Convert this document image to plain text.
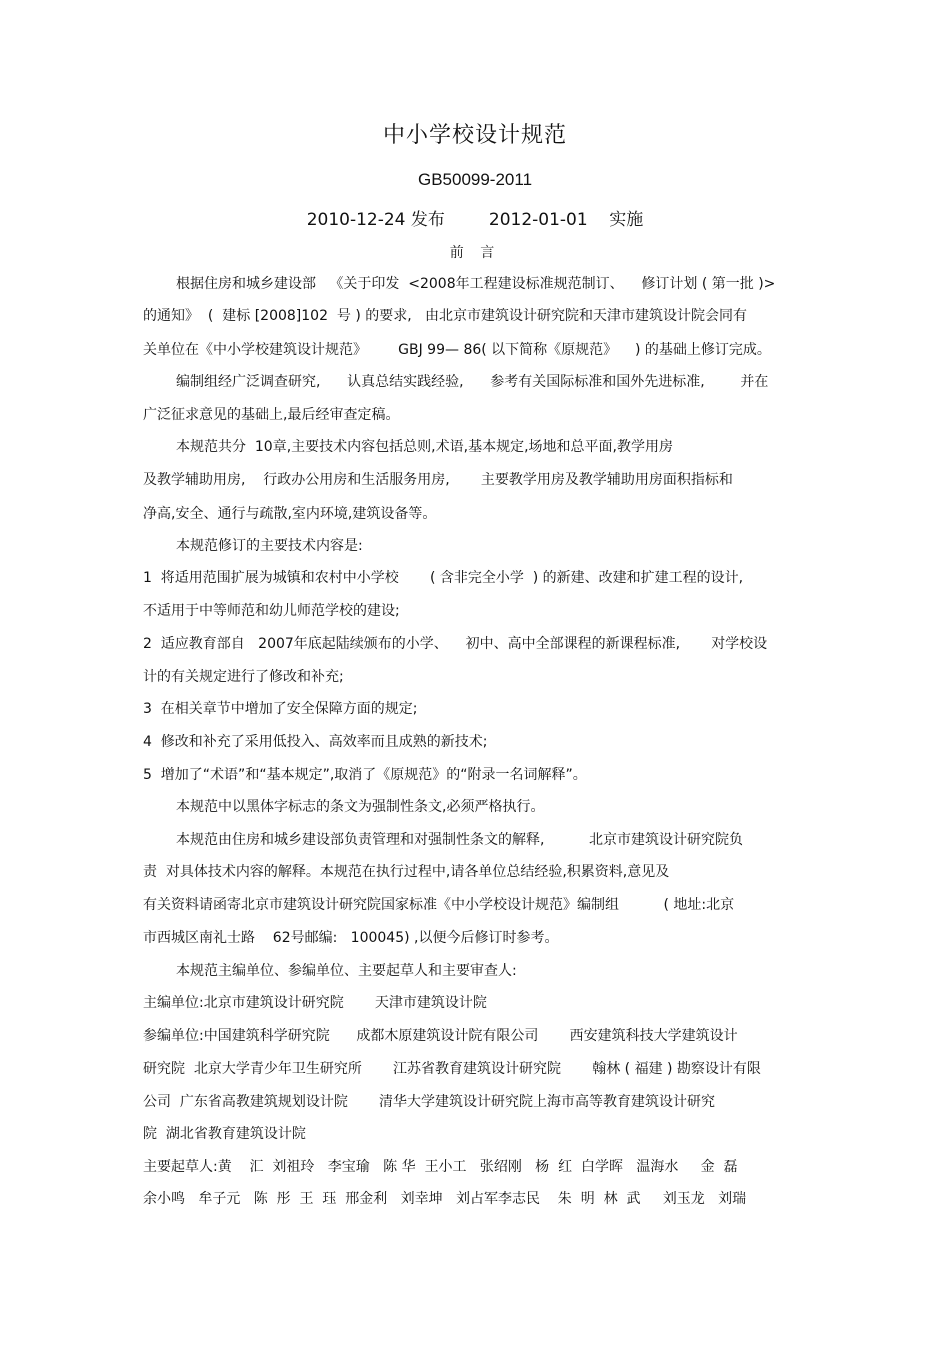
中小学校设计规范
GB50099-2011
2010-12-24 发布	2012-01-01    实施
前 言
根据住房和城乡建设部   《关于印发  <2008年工程建设标准规范制订、    修订计划 ( 第一批 )>
的通知》  (  建标 [2008]102  号 ) 的要求,   由北京市建筑设计研究院和天津市建筑设计院会同有
关单位在《中小学校建筑设计规范》       GBJ 99— 86( 以下简称《原规范》    ) 的基础上修订完成。
编制组经广泛调查研究,      认真总结实践经验,      参考有关国际标准和国外先进标准,        并在
广泛征求意见的基础上,最后经审查定稿。
本规范共分  10章,主要技术内容包括总则,术语,基本规定,场地和总平面,教学用房
及教学辅助用房,    行政办公用房和生活服务用房,       主要教学用房及教学辅助用房面积指标和
净高,安全、通行与疏散,室内环境,建筑设备等。
本规范修订的主要技术内容是:
1  将适用范围扩展为城镇和农村中小学校       ( 含非完全小学  ) 的新建、改建和扩建工程的设计,
不适用于中等师范和幼儿师范学校的建设;
2  适应教育部自   2007年底起陆续颁布的小学、    初中、高中全部课程的新课程标准,       对学校设
计的有关规定进行了修改和补充;
3  在相关章节中增加了安全保障方面的规定;
4  修改和补充了采用低投入、高效率而且成熟的新技术;
5  增加了“术语”和“基本规定”,取消了《原规范》的“附录一名词解释”。
本规范中以黑体字标志的条文为强制性条文,必须严格执行。
本规范由住房和城乡建设部负责管理和对强制性条文的解释,          北京市建筑设计研究院负
责  对具体技术内容的解释。本规范在执行过程中,请各单位总结经验,积累资料,意见及
有关资料请函寄北京市建筑设计研究院国家标准《中小学校设计规范》编制组          ( 地址:北京
市西城区南礼士路    62号邮编:   100045) ,以便今后修订时参考。
本规范主编单位、参编单位、主要起草人和主要审查人:
主编单位:北京市建筑设计研究院       天津市建筑设计院
参编单位:中国建筑科学研究院      成都木原建筑设计院有限公司       西安建筑科技大学建筑设计
研究院  北京大学青少年卫生研究所       江苏省教育建筑设计研究院       翰林 ( 福建 ) 勘察设计有限
公司  广东省高教建筑规划设计院       清华大学建筑设计研究院上海市高等教育建筑设计研究
院  湖北省教育建筑设计院
主要起草人:黄    汇  刘祖玲   李宝瑜   陈 华  王小工   张绍刚   杨  红  白学晖   温海水     金  磊
余小鸣   牟子元   陈  彤  王  珏  邢金利   刘幸坤   刘占军李志民    朱  明  林  武     刘玉龙   刘瑞
